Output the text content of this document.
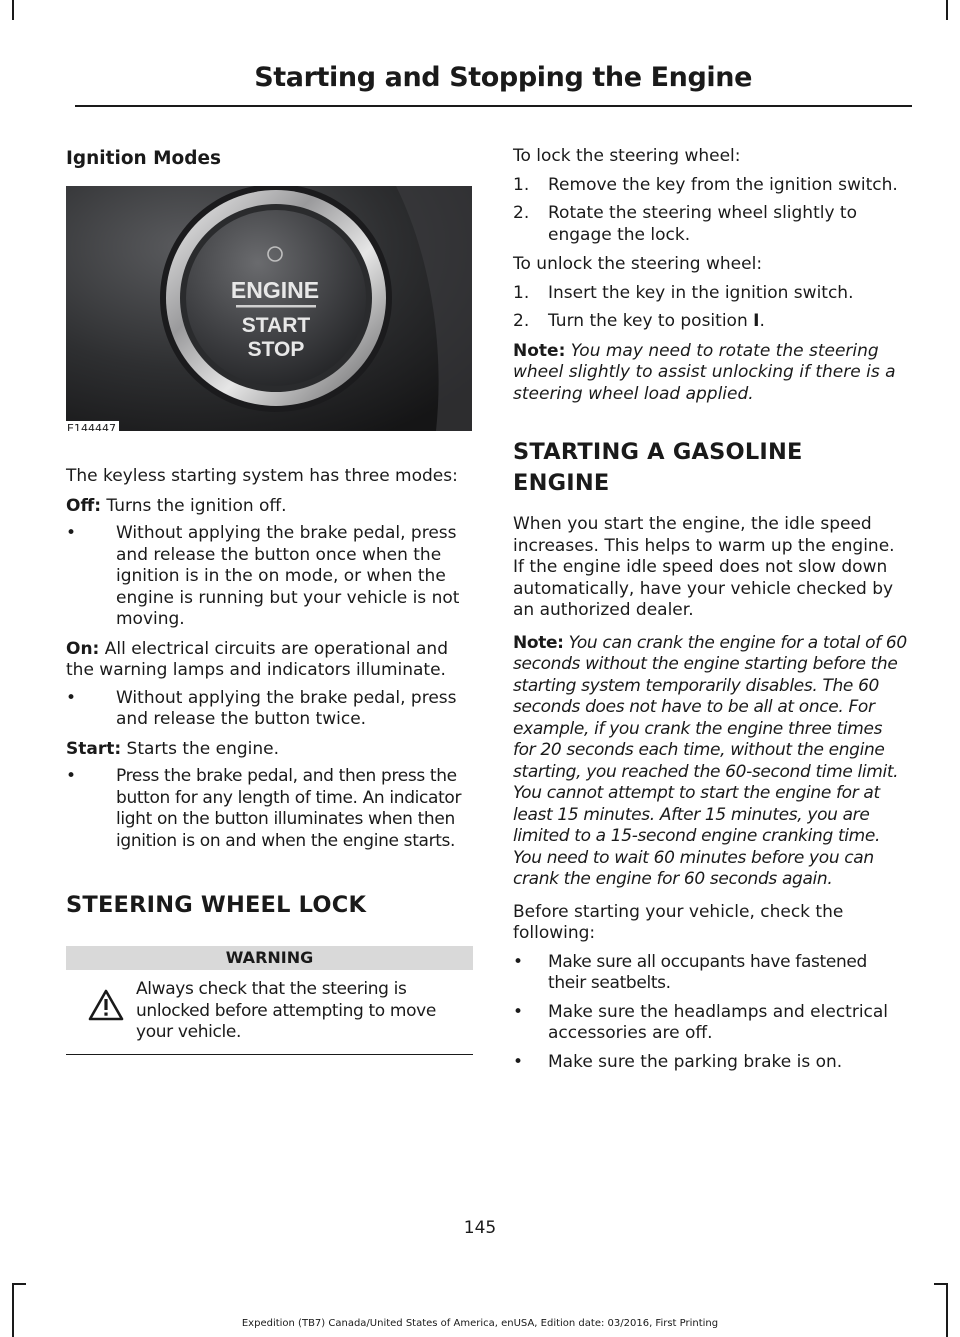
Starting and Stopping the Engine
Ignition Modes
ENGINE
START
STOP
E144447

The keyless starting system has three modes:

Off: Turns the ignition off.

• Without applying the brake pedal, press and release the button once when the ignition is in the on mode, or when the engine is running but your vehicle is not moving.

On: All electrical circuits are operational and the warning lamps and indicators illuminate.

• Without applying the brake pedal, press and release the button twice.

Start: Starts the engine.

• Press the brake pedal, and then press the button for any length of time. An indicator light on the button illuminates when then ignition is on and when the engine starts.
STEERING WHEEL LOCK
WARNING

Always check that the steering is unlocked before attempting to move your vehicle.

To lock the steering wheel:

1. Remove the key from the ignition switch.
2. Rotate the steering wheel slightly to engage the lock.

To unlock the steering wheel:

1. Insert the key in the ignition switch.
2. Turn the key to position I.

Note: You may need to rotate the steering wheel slightly to assist unlocking if there is a steering wheel load applied.

STARTING A GASOLINE
ENGINE

When you start the engine, the idle speed increases. This helps to warm up the engine. If the engine idle speed does not slow down automatically, have your vehicle checked by an authorized dealer.

Note: You can crank the engine for a total of 60 seconds without the engine starting before the starting system temporarily disables. The 60 seconds does not have to be all at once. For example, if you crank the engine three times for 20 seconds each time, without the engine starting, you reached the 60-second time limit. You cannot attempt to start the engine for at least 15 minutes. After 15 minutes, you are limited to a 15-second engine cranking time. You need to wait 60 minutes before you can crank the engine for 60 seconds again.

Before starting your vehicle, check the following:

• Make sure all occupants have fastened their seatbelts.
• Make sure the headlamps and electrical accessories are off.
• Make sure the parking brake is on.
145
Expedition (TB7) Canada/United States of America, enUSA, Edition date: 03/2016, First Printing
